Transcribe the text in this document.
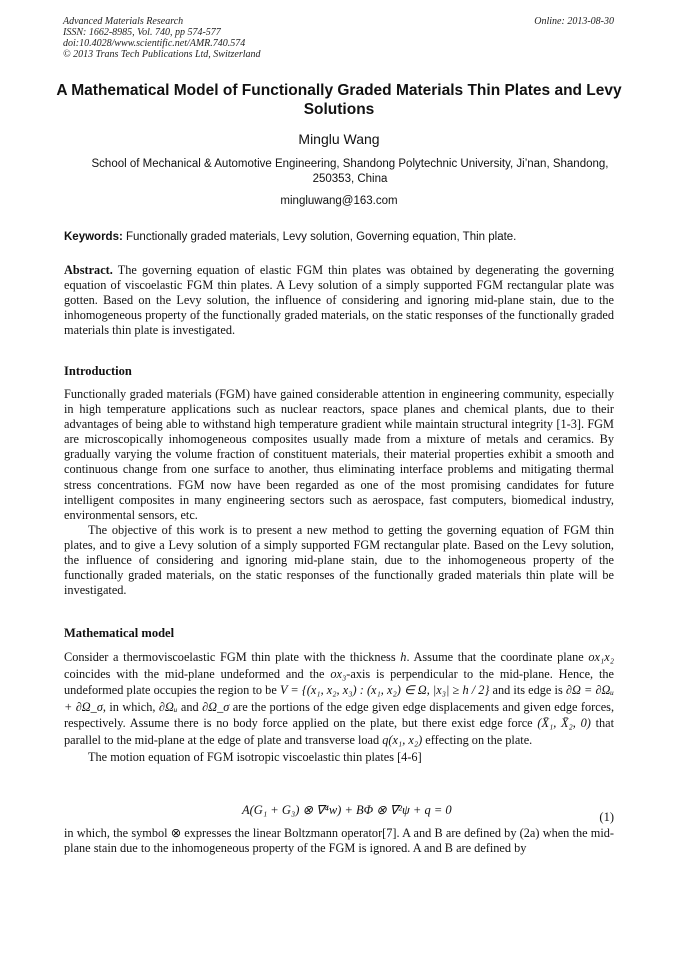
Advanced Materials Research
ISSN: 1662-8985, Vol. 740, pp 574-577
doi:10.4028/www.scientific.net/AMR.740.574
© 2013 Trans Tech Publications Ltd, Switzerland
Online: 2013-08-30
A Mathematical Model of Functionally Graded Materials Thin Plates and Levy Solutions
Minglu Wang
School of Mechanical & Automotive Engineering, Shandong Polytechnic University, Ji’nan, Shandong, 250353, China
mingluwang@163.com
Keywords: Functionally graded materials, Levy solution, Governing equation, Thin plate.

Abstract. The governing equation of elastic FGM thin plates was obtained by degenerating the governing equation of viscoelastic FGM thin plates. A Levy solution of a simply supported FGM rectangular plate was gotten. Based on the Levy solution, the influence of considering and ignoring mid-plane stain, due to the inhomogeneous property of the functionally graded materials, on the static responses of the functionally graded materials thin plate is investigated.

Introduction

Functionally graded materials (FGM) have gained considerable attention in engineering community, especially in high temperature applications such as nuclear reactors, space planes and chemical plants, due to their advantages of being able to withstand high temperature gradient while maintain structural integrity [1-3]. FGM are microscopically inhomogeneous composites usually made from a mixture of metals and ceramics. By gradually varying the volume fraction of constituent materials, their material properties exhibit a smooth and continuous change from one surface to another, thus eliminating interface problems and mitigating thermal stress concentrations. FGM now have been regarded as one of the most promising candidates for future intelligent composites in many engineering sectors such as aerospace, fast computers, biomedical industry, environmental sensors, etc.

The objective of this work is to present a new method to getting the governing equation of FGM thin plates, and to give a Levy solution of a simply supported FGM rectangular plate. Based on the Levy solution, the influence of considering and ignoring mid-plane stain, due to the inhomogeneous property of the functionally graded materials, on the static responses of the functionally graded materials thin plate will be investigated.

Mathematical model

Consider a thermoviscoelastic FGM thin plate with the thickness h. Assume that the coordinate plane ox₁x₂ coincides with the mid-plane undeformed and the ox₃-axis is perpendicular to the mid-plane. Hence, the undeformed plate occupies the region to be V = {(x₁, x₂, x₃) : (x₁, x₂) ∈ Ω, |x₃| ≥ h / 2} and its edge is ∂Ω = ∂Ωᵤ + ∂Ω_σ, in which, ∂Ωᵤ and ∂Ω_σ are the portions of the edge given edge displacements and given edge forces, respectively. Assume there is no body force applied on the plate, but there exist edge force (X̄₁, X̄₂, 0) that parallel to the mid-plane at the edge of plate and transverse load q(x₁, x₂) effecting on the plate.

The motion equation of FGM isotropic viscoelastic thin plates [4-6]

A(G₁ + G₃) ⊗ ∇⁴w) + BΦ ⊗ ∇²ψ + q = 0	(1)
in which, the symbol ⊗ expresses the linear Boltzmann operator[7]. A and B are defined by (2a) when the mid-plane stain due to the inhomogeneous property of the FGM is ignored. A and B are defined by
